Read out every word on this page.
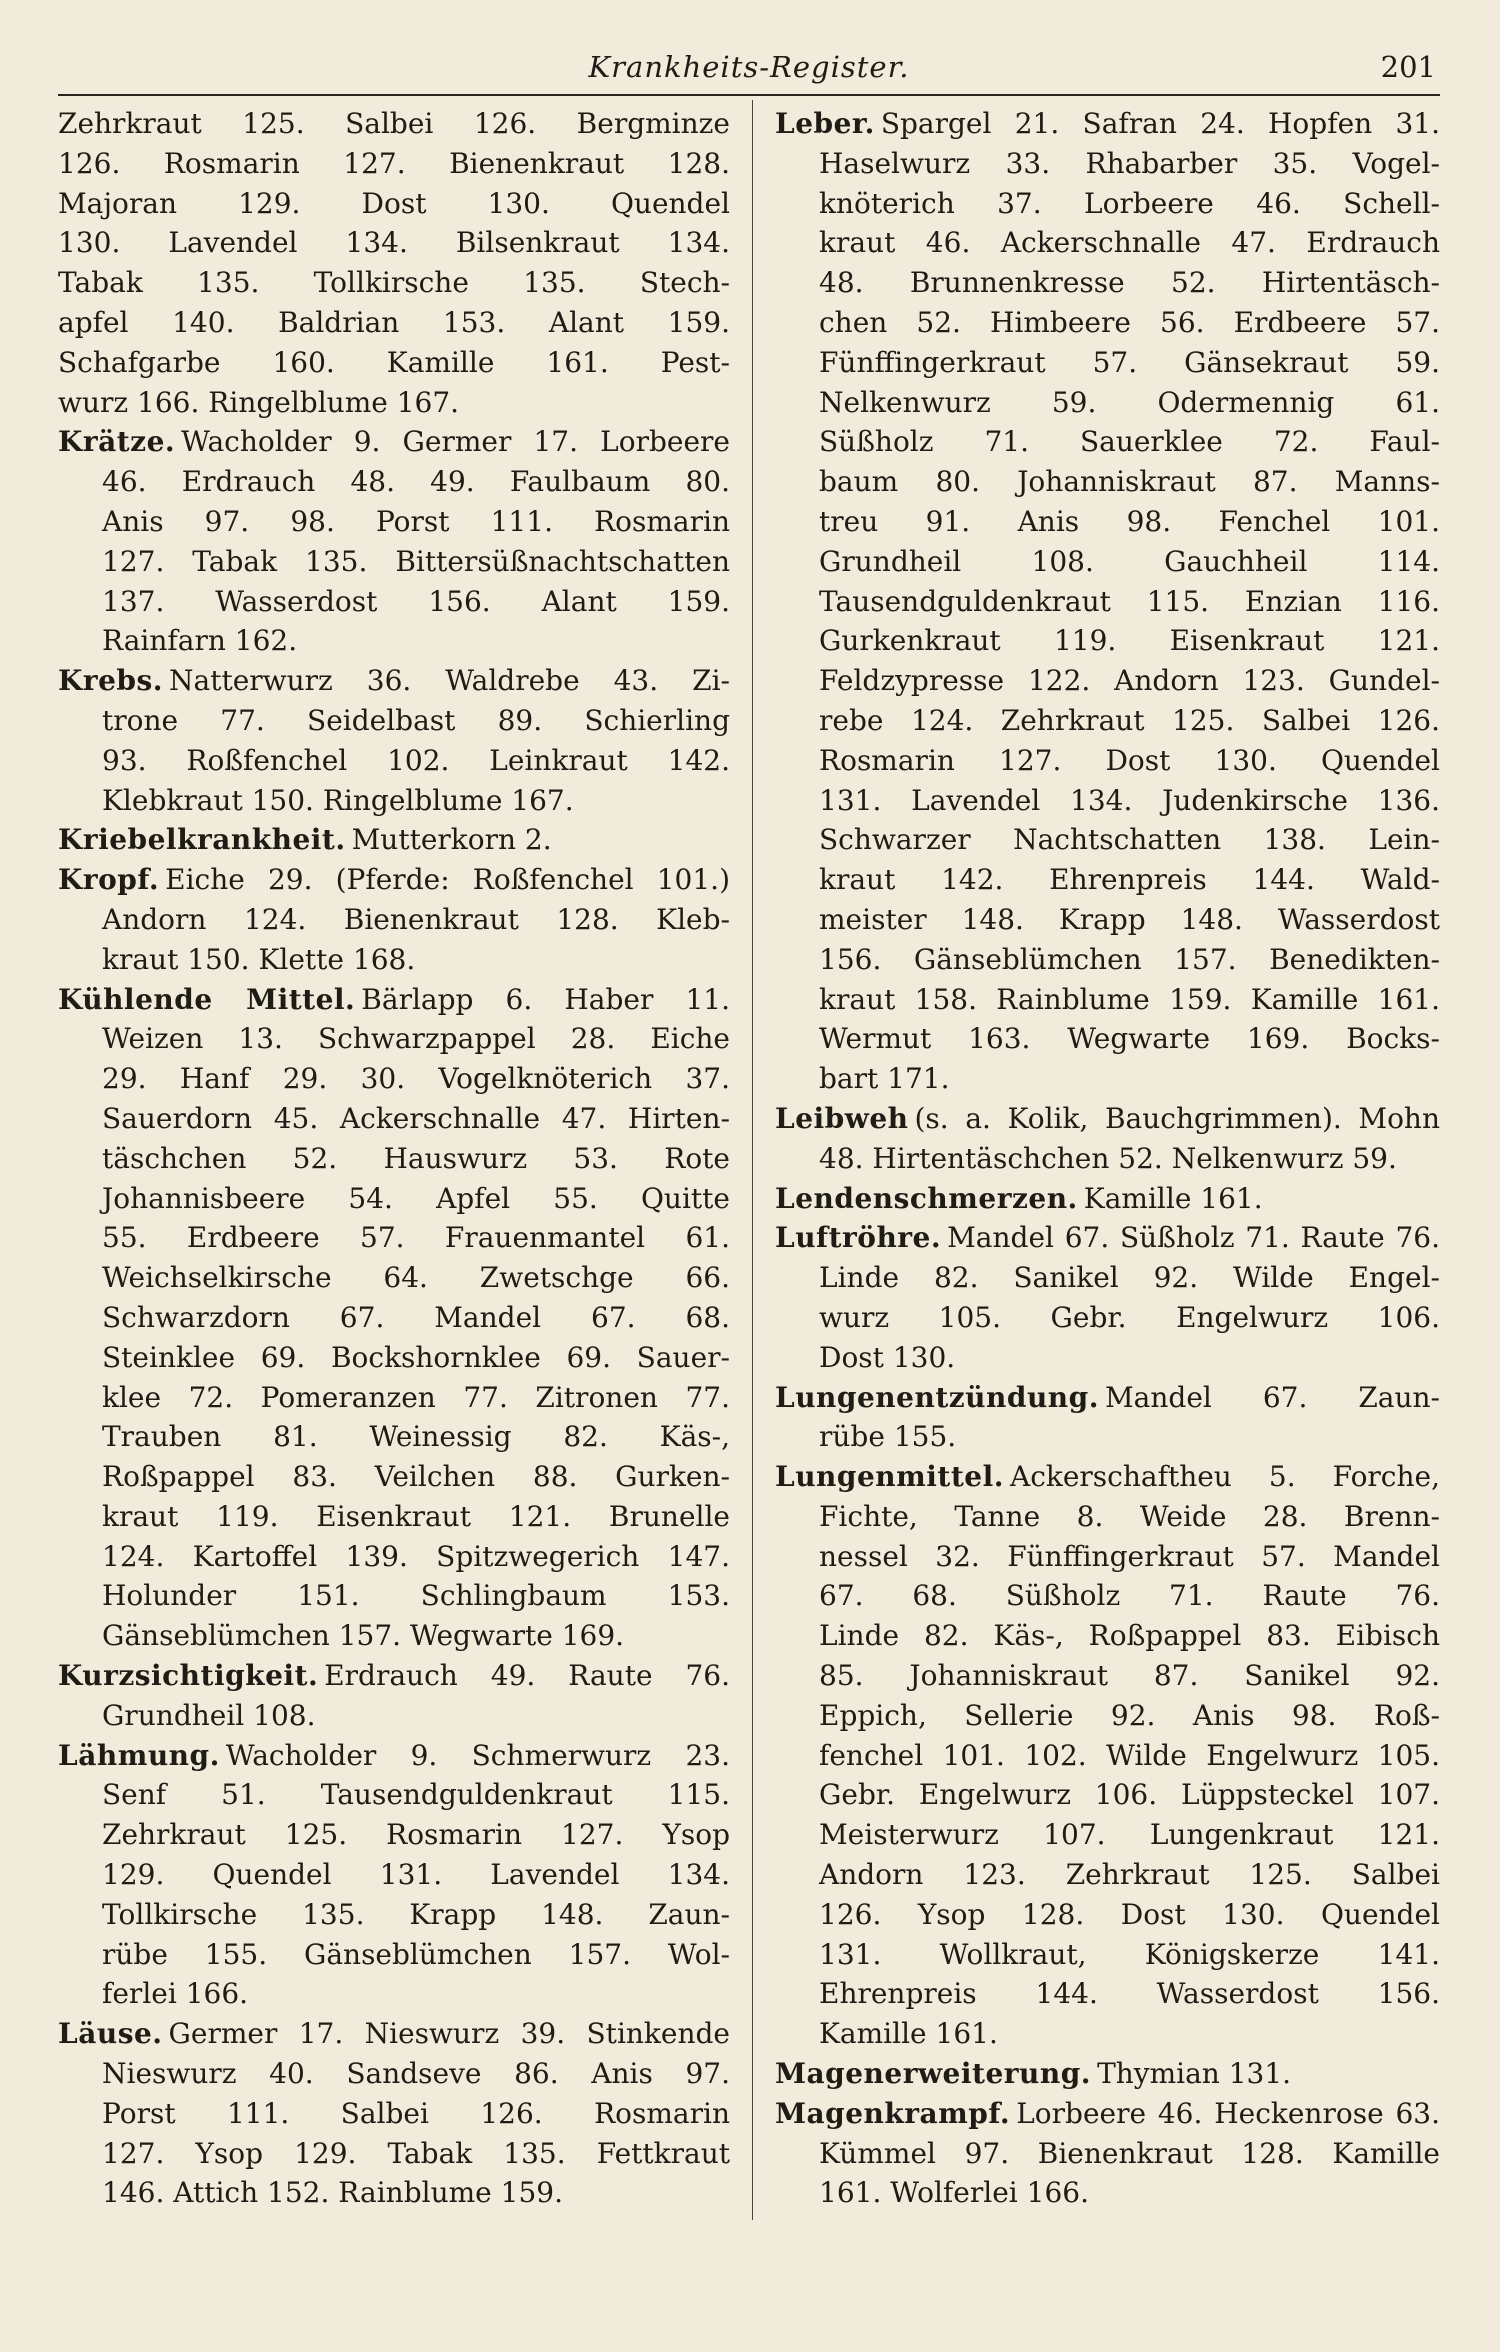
Krankheits-Register.	201
Zehrkraut 125. Salbei 126. Bergminze
126. Rosmarin 127. Bienenkraut 128.
Majoran 129. Dost 130. Quendel
130. Lavendel 134. Bilsenkraut 134.
Tabak 135. Tollkirsche 135. Stech-
apfel 140. Baldrian 153. Alant 159.
Schafgarbe 160. Kamille 161. Pest-
wurz 166. Ringelblume 167.
Krätze. Wacholder 9. Germer 17. Lorbeere
46. Erdrauch 48. 49. Faulbaum 80.
Anis 97. 98. Porst 111. Rosmarin
127. Tabak 135. Bittersüßnachtschatten
137. Wasserdost 156. Alant 159.
Rainfarn 162.
Krebs. Natterwurz 36. Waldrebe 43. Zi-
trone 77. Seidelbast 89. Schierling
93. Roßfenchel 102. Leinkraut 142.
Klebkraut 150. Ringelblume 167.
Kriebelkrankheit. Mutterkorn 2.
Kropf. Eiche 29. (Pferde: Roßfenchel 101.)
Andorn 124. Bienenkraut 128. Kleb-
kraut 150. Klette 168.
Kühlende Mittel. Bärlapp 6. Haber 11.
Weizen 13. Schwarzpappel 28. Eiche
29. Hanf 29. 30. Vogelknöterich 37.
Sauerdorn 45. Ackerschnalle 47. Hirten-
täschchen 52. Hauswurz 53. Rote
Johannisbeere 54. Apfel 55. Quitte
55. Erdbeere 57. Frauenmantel 61.
Weichselkirsche 64. Zwetschge 66.
Schwarzdorn 67. Mandel 67. 68.
Steinklee 69. Bockshornklee 69. Sauer-
klee 72. Pomeranzen 77. Zitronen 77.
Trauben 81. Weinessig 82. Käs-,
Roßpappel 83. Veilchen 88. Gurken-
kraut 119. Eisenkraut 121. Brunelle
124. Kartoffel 139. Spitzwegerich 147.
Holunder 151. Schlingbaum 153.
Gänseblümchen 157. Wegwarte 169.
Kurzsichtigkeit. Erdrauch 49. Raute 76.
Grundheil 108.
Lähmung. Wacholder 9. Schmerwurz 23.
Senf 51. Tausendguldenkraut 115.
Zehrkraut 125. Rosmarin 127. Ysop
129. Quendel 131. Lavendel 134.
Tollkirsche 135. Krapp 148. Zaun-
rübe 155. Gänseblümchen 157. Wol-
ferlei 166.
Läuse. Germer 17. Nieswurz 39. Stinkende
Nieswurz 40. Sandseve 86. Anis 97.
Porst 111. Salbei 126. Rosmarin
127. Ysop 129. Tabak 135. Fettkraut
146. Attich 152. Rainblume 159.
Leber. Spargel 21. Safran 24. Hopfen 31.
Haselwurz 33. Rhabarber 35. Vogel-
knöterich 37. Lorbeere 46. Schell-
kraut 46. Ackerschnalle 47. Erdrauch
48. Brunnenkresse 52. Hirtentäsch-
chen 52. Himbeere 56. Erdbeere 57.
Fünffingerkraut 57. Gänsekraut 59.
Nelkenwurz 59. Odermennig 61.
Süßholz 71. Sauerklee 72. Faul-
baum 80. Johanniskraut 87. Manns-
treu 91. Anis 98. Fenchel 101.
Grundheil 108. Gauchheil 114.
Tausendguldenkraut 115. Enzian 116.
Gurkenkraut 119. Eisenkraut 121.
Feldzypresse 122. Andorn 123. Gundel-
rebe 124. Zehrkraut 125. Salbei 126.
Rosmarin 127. Dost 130. Quendel
131. Lavendel 134. Judenkirsche 136.
Schwarzer Nachtschatten 138. Lein-
kraut 142. Ehrenpreis 144. Wald-
meister 148. Krapp 148. Wasserdost
156. Gänseblümchen 157. Benedikten-
kraut 158. Rainblume 159. Kamille 161.
Wermut 163. Wegwarte 169. Bocks-
bart 171.
Leibweh (s. a. Kolik, Bauchgrimmen). Mohn
48. Hirtentäschchen 52. Nelkenwurz 59.
Lendenschmerzen. Kamille 161.
Luftröhre. Mandel 67. Süßholz 71. Raute 76.
Linde 82. Sanikel 92. Wilde Engel-
wurz 105. Gebr. Engelwurz 106.
Dost 130.
Lungenentzündung. Mandel 67. Zaun-
rübe 155.
Lungenmittel. Ackerschafthеu 5. Forche,
Fichte, Tanne 8. Weide 28. Brenn-
nessel 32. Fünffingerkraut 57. Mandel
67. 68. Süßholz 71. Raute 76.
Linde 82. Käs-, Roßpappel 83. Eibisch
85. Johanniskraut 87. Sanikel 92.
Eppich, Sellerie 92. Anis 98. Roß-
fenchel 101. 102. Wilde Engelwurz 105.
Gebr. Engelwurz 106. Lüppstеckel 107.
Meisterwurz 107. Lungenkraut 121.
Andorn 123. Zehrkraut 125. Salbei
126. Ysop 128. Dost 130. Quendel
131. Wollkraut, Königskerze 141.
Ehrenpreis 144. Wasserdost 156.
Kamille 161.
Magenerweiterung. Thymian 131.
Magenkrampf. Lorbeere 46. Heckenrose 63.
Kümmel 97. Bienenkraut 128. Kamille
161. Wolferlei 166.
